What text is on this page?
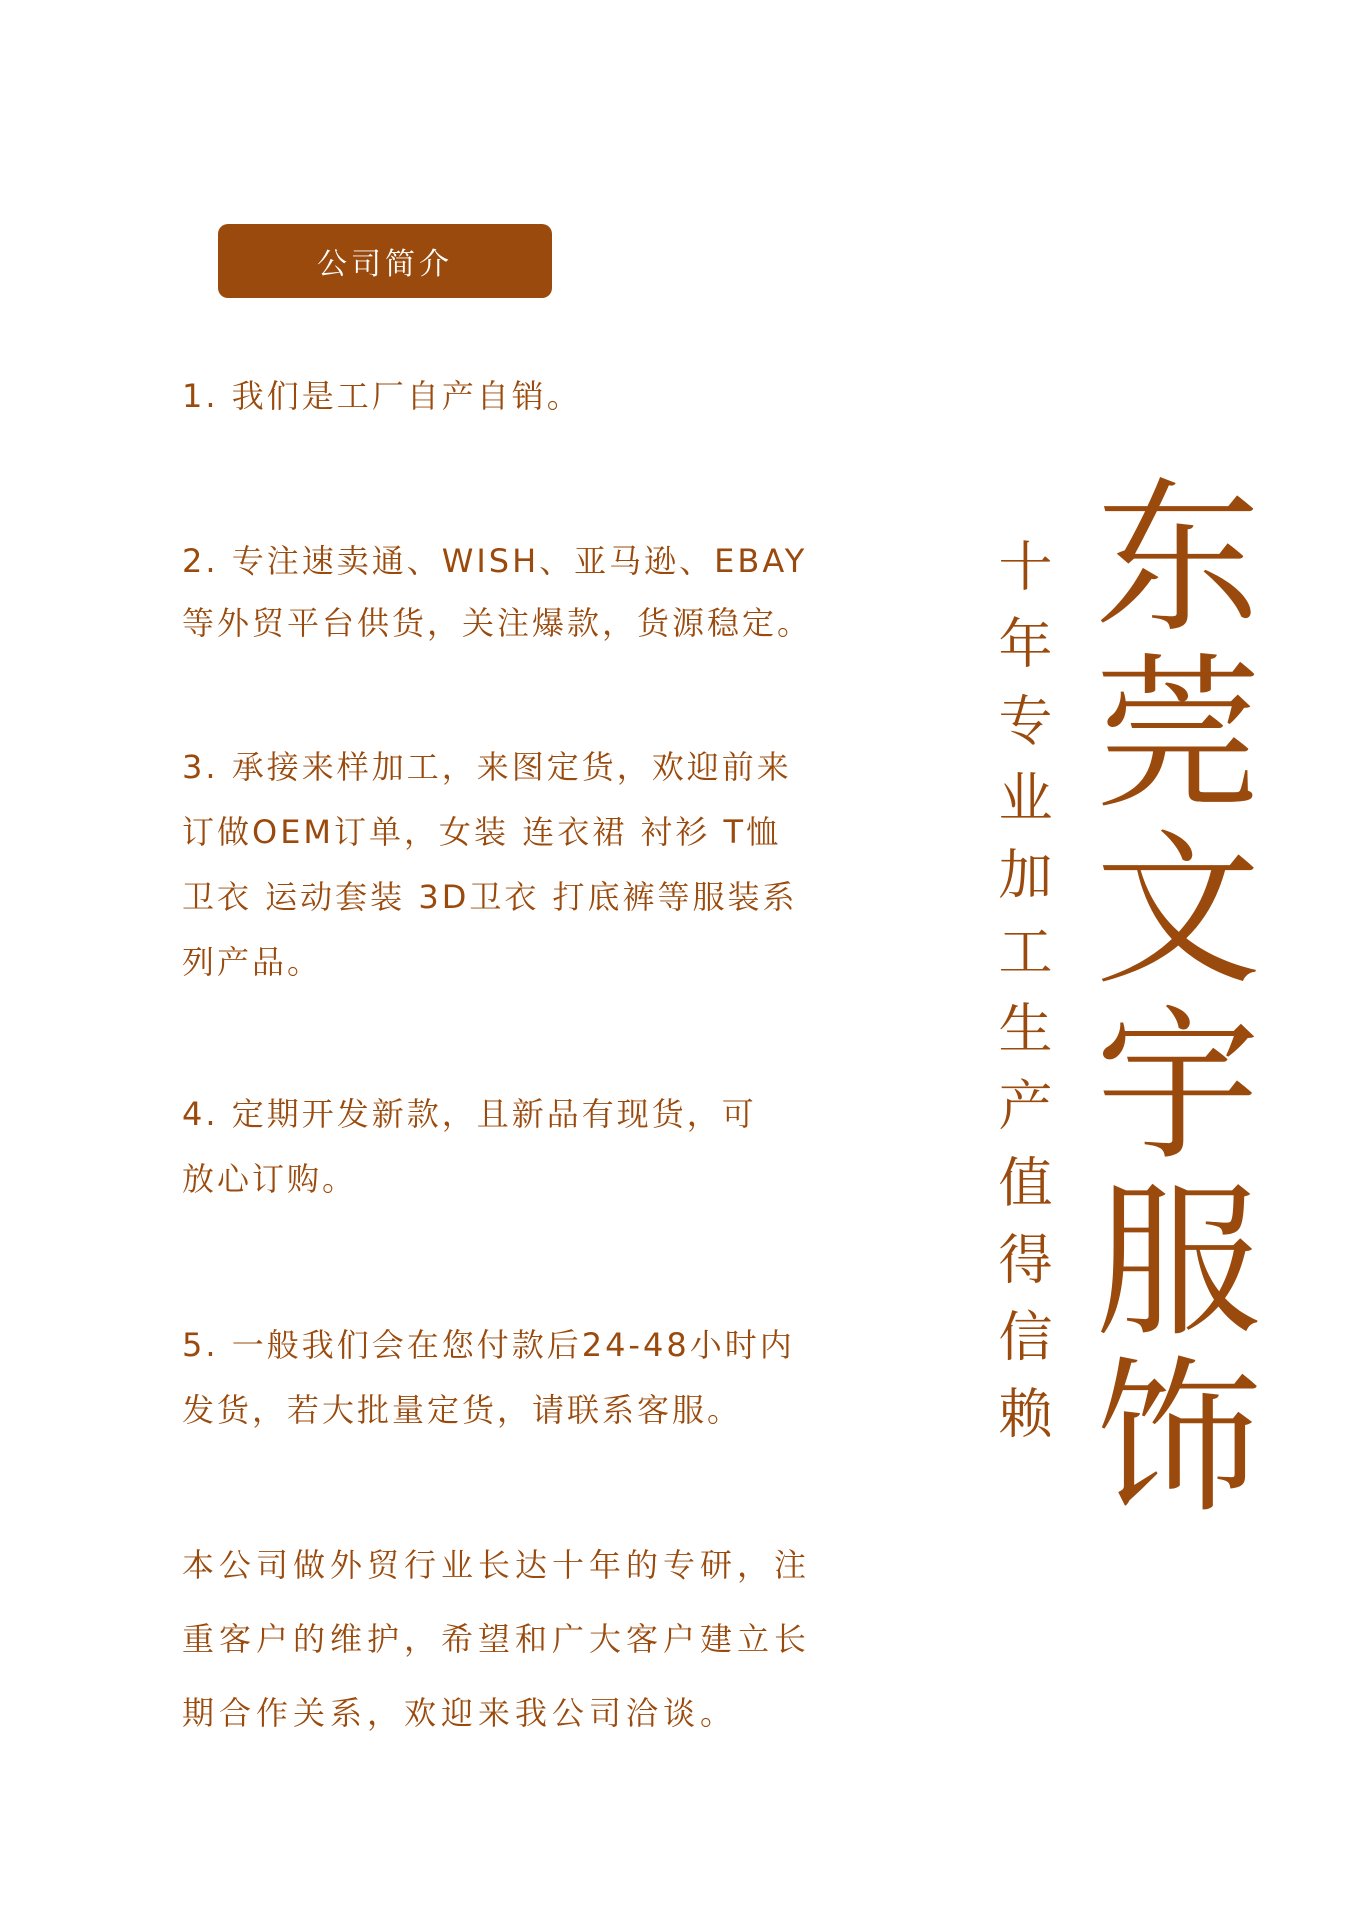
公司简介

1. 我们是工厂自产自销。

2. 专注速卖通、WISH、亚马逊、EBAY
等外贸平台供货，关注爆款，货源稳定。

3. 承接来样加工，来图定货，欢迎前来
订做OEM订单，女装 连衣裙 衬衫 T恤
卫衣 运动套装 3D卫衣 打底裤等服装系
列产品。

4. 定期开发新款，且新品有现货，可
放心订购。

5. 一般我们会在您付款后24-48小时内
发货，若大批量定货，请联系客服。

本公司做外贸行业长达十年的专研，注
重客户的维护，希望和广大客户建立长
期合作关系，欢迎来我公司洽谈。

十年专业加工生产值得信赖 东莞文宇服饰
